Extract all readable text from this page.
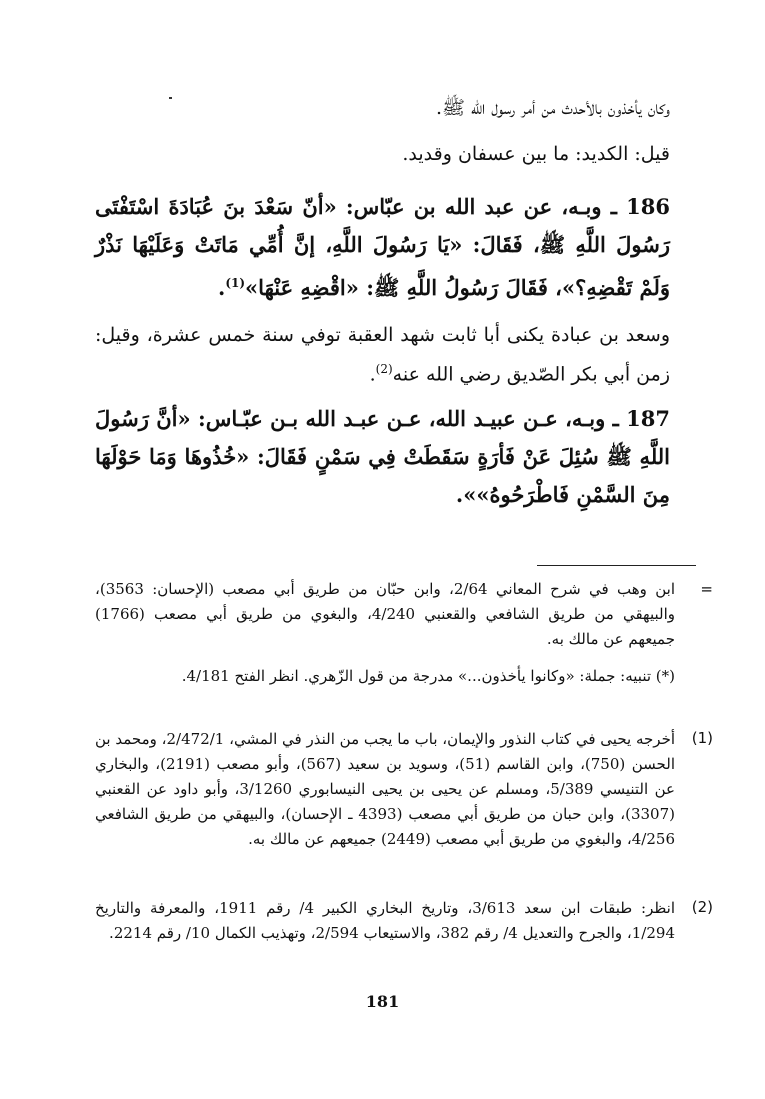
وكان يأخذون بالأحدث من أمر رسول الله ﷺ.
قيل: الكديد: ما بين عسفان وقديد.
186 ـ وبـه، عن عبد الله بن عبّاس: «أنّ سَعْدَ بنَ عُبَادَةَ اسْتَفْتَى رَسُولَ اللَّهِ ﷺ، فَقَالَ: «يَا رَسُولَ اللَّهِ، إنَّ أُمِّي مَاتَتْ وَعَلَيْهَا نَذْرٌ وَلَمْ تَقْضِهِ؟»، فَقَالَ رَسُولُ اللَّهِ ﷺ: «اقْضِهِ عَنْهَا»$^{(1)}$.
وسعد بن عبادة يكنى أبا ثابت شهد العقبة توفي سنة خمس عشرة، وقيل: زمن أبي بكر الصّديق رضي الله عنه$^{(2)}$.
187 ـ وبـه، عـن عبيـد الله، عـن عبـد الله بـن عبّـاس: «أنَّ رَسُولَ اللَّهِ ﷺ سُئِلَ عَنْ فَأرَةٍ سَقَطَتْ فِي سَمْنٍ فَقَالَ: «خُذُوهَا وَمَا حَوْلَهَا مِنَ السَّمْنِ فَاطْرَحُوهُ»».
=
ابن وهب في شرح المعاني 2/64، وابن حبّان من طريق أبي مصعب (الإحسان: 3563)، والبيهقي من طريق الشافعي والقعنبي 4/240، والبغوي من طريق أبي مصعب (1766) جميعهم عن مالك به.
(*) تنبيه: جملة: «وكانوا يأخذون...» مدرجة من قول الزّهري. انظر الفتح 4/181.
(1)
أخرجه يحيى في كتاب النذور والإيمان، باب ما يجب من النذر في المشي، 2/472/1، ومحمد بن الحسن (750)، وابن القاسم (51)، وسويد بن سعيد (567)، وأبو مصعب (2191)، والبخاري عن التنيسي 5/389، ومسلم عن يحيى بن يحيى النيسابوري 3/1260، وأبو داود عن القعنبي (3307)، وابن حبان من طريق أبي مصعب (4393 ـ الإحسان)، والبيهقي من طريق الشافعي 4/256، والبغوي من طريق أبي مصعب (2449) جميعهم عن مالك به.
(2)
انظر: طبقات ابن سعد 3/613، وتاريخ البخاري الكبير 4/ رقم 1911، والمعرفة والتاريخ 1/294، والجرح والتعديل 4/ رقم 382، والاستيعاب 2/594، وتهذيب الكمال 10/ رقم 2214.
181
